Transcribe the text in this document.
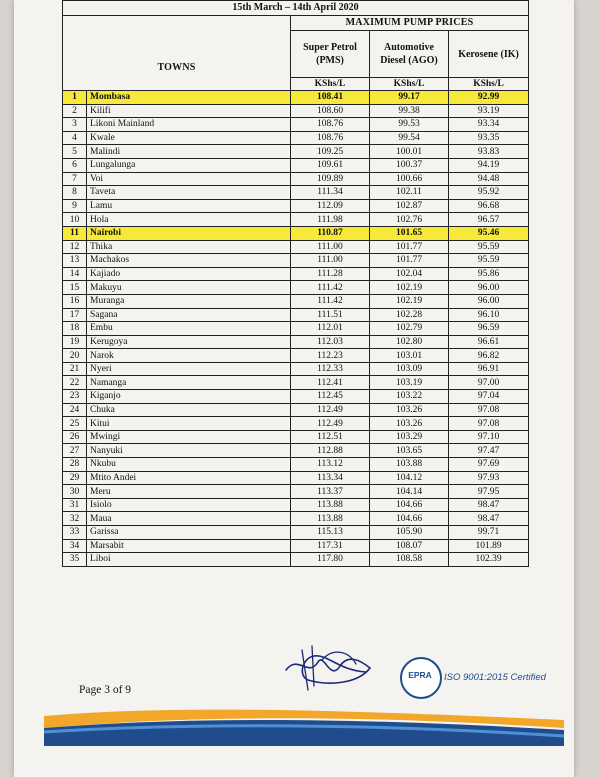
15th March – 14th April 2020				
TOWNS		MAXIMUM PUMP PRICES		
		Super Petrol (PMS)	Automotive Diesel (AGO)	Kerosene (IK)
		KShs/L	KShs/L	KShs/L
1	Mombasa	108.41	99.17	92.99
2	Kilifi	108.60	99.38	93.19
3	Likoni Mainland	108.76	99.53	93.34
4	Kwale	108.76	99.54	93.35
5	Malindi	109.25	100.01	93.83
6	Lungalunga	109.61	100.37	94.19
7	Voi	109.89	100.66	94.48
8	Taveta	111.34	102.11	95.92
9	Lamu	112.09	102.87	96.68
10	Hola	111.98	102.76	96.57
11	Nairobi	110.87	101.65	95.46
12	Thika	111.00	101.77	95.59
13	Machakos	111.00	101.77	95.59
14	Kajiado	111.28	102.04	95.86
15	Makuyu	111.42	102.19	96.00
16	Muranga	111.42	102.19	96.00
17	Sagana	111.51	102.28	96.10
18	Embu	112.01	102.79	96.59
19	Kerugoya	112.03	102.80	96.61
20	Narok	112.23	103.01	96.82
21	Nyeri	112.33	103.09	96.91
22	Namanga	112.41	103.19	97.00
23	Kiganjo	112.45	103.22	97.04
24	Chuka	112.49	103.26	97.08
25	Kitui	112.49	103.26	97.08
26	Mwingi	112.51	103.29	97.10
27	Nanyuki	112.88	103.65	97.47
28	Nkubu	113.12	103.88	97.69
29	Mtito Andei	113.34	104.12	97.93
30	Meru	113.37	104.14	97.95
31	Isiolo	113.88	104.66	98.47
32	Maua	113.88	104.66	98.47
33	Garissa	115.13	105.90	99.71
34	Marsabit	117.31	108.07	101.89
35	Liboi	117.80	108.58	102.39
EPRA ISO 9001:2015 Certified
Page 3 of 9
